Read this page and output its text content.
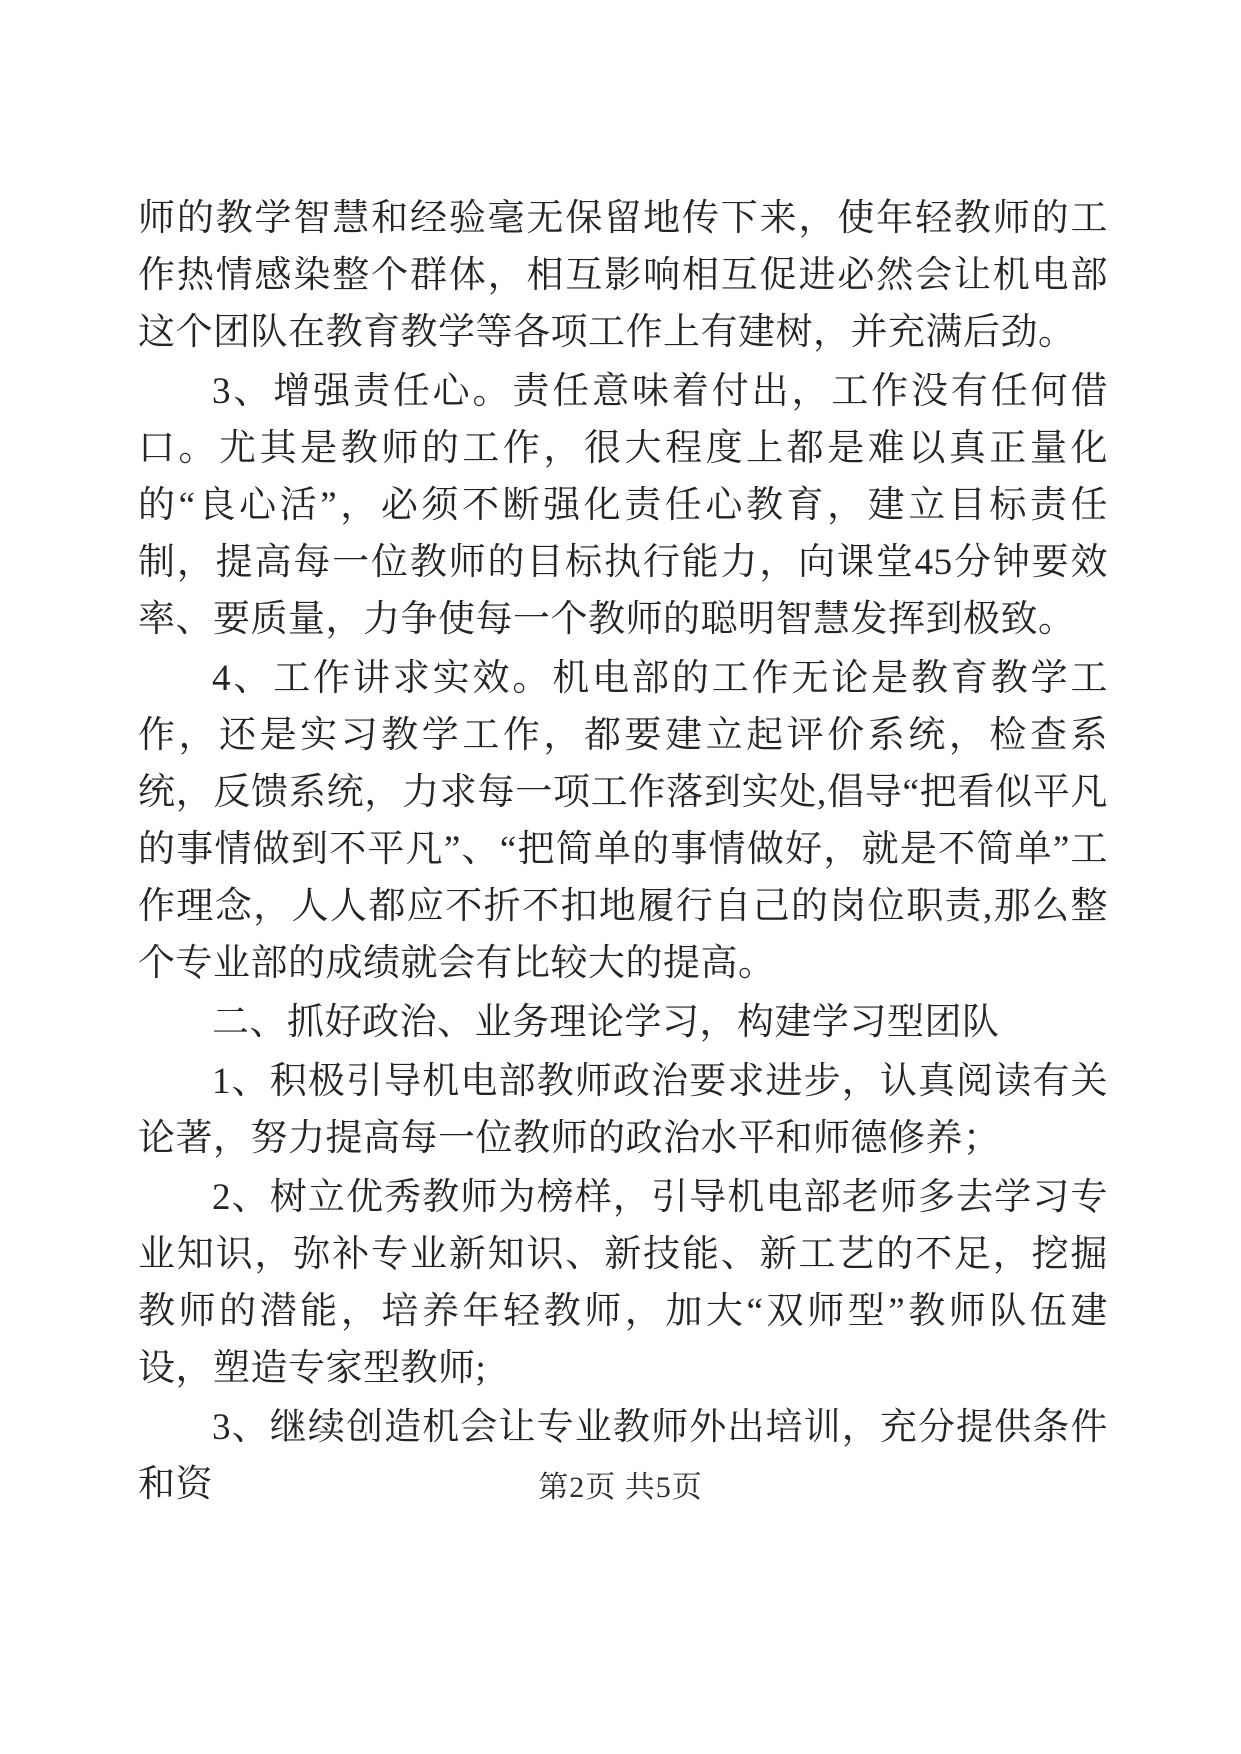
师的教学智慧和经验毫无保留地传下来，使年轻教师的工作热情感染整个群体，相互影响相互促进必然会让机电部这个团队在教育教学等各项工作上有建树，并充满后劲。

3、增强责任心。责任意味着付出，工作没有任何借口。尤其是教师的工作，很大程度上都是难以真正量化的“良心活”，必须不断强化责任心教育，建立目标责任制，提高每一位教师的目标执行能力，向课堂45分钟要效率、要质量，力争使每一个教师的聪明智慧发挥到极致。

4、工作讲求实效。机电部的工作无论是教育教学工作，还是实习教学工作，都要建立起评价系统，检查系统，反馈系统，力求每一项工作落到实处,倡导“把看似平凡的事情做到不平凡”、“把简单的事情做好，就是不简单”工作理念，人人都应不折不扣地履行自己的岗位职责,那么整个专业部的成绩就会有比较大的提高。

二、抓好政治、业务理论学习，构建学习型团队

1、积极引导机电部教师政治要求进步，认真阅读有关论著，努力提高每一位教师的政治水平和师德修养；

2、树立优秀教师为榜样，引导机电部老师多去学习专业知识，弥补专业新知识、新技能、新工艺的不足，挖掘教师的潜能，培养年轻教师，加大“双师型”教师队伍建设，塑造专家型教师;

3、继续创造机会让专业教师外出培训，充分提供条件和资	第2页 共5页
